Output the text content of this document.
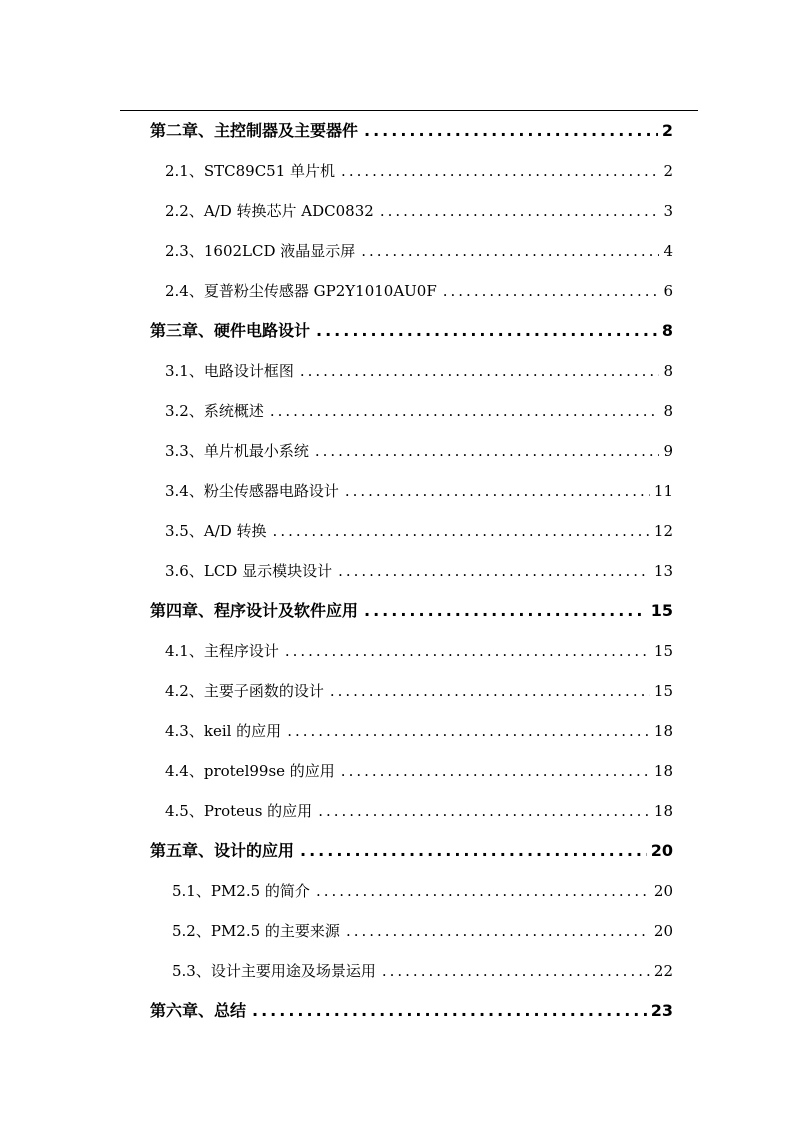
第二章、主控制器及主要器件 .....	2
2.1、STC89C51 单片机 .....	2
2.2、A/D 转换芯片 ADC0832 .....	3
2.3、1602LCD 液晶显示屏 .....	4
2.4、夏普粉尘传感器 GP2Y1010AU0F .....	6
第三章、硬件电路设计 .....	8
3.1、电路设计框图 .....	8
3.2、系统概述 .....	8
3.3、单片机最小系统 .....	9
3.4、粉尘传感器电路设计 .....	11
3.5、A/D 转换 .....	12
3.6、LCD 显示模块设计 .....	13
第四章、程序设计及软件应用 .....	15
4.1、主程序设计 .....	15
4.2、主要子函数的设计 .....	15
4.3、keil 的应用 .....	18
4.4、protel99se 的应用 .....	18
4.5、Proteus 的应用 .....	18
第五章、设计的应用 .....	20
5.1、PM2.5 的简介 .....	20
5.2、PM2.5 的主要来源 .....	20
5.3、设计主要用途及场景运用 .....	22
第六章、总结 .....	23
